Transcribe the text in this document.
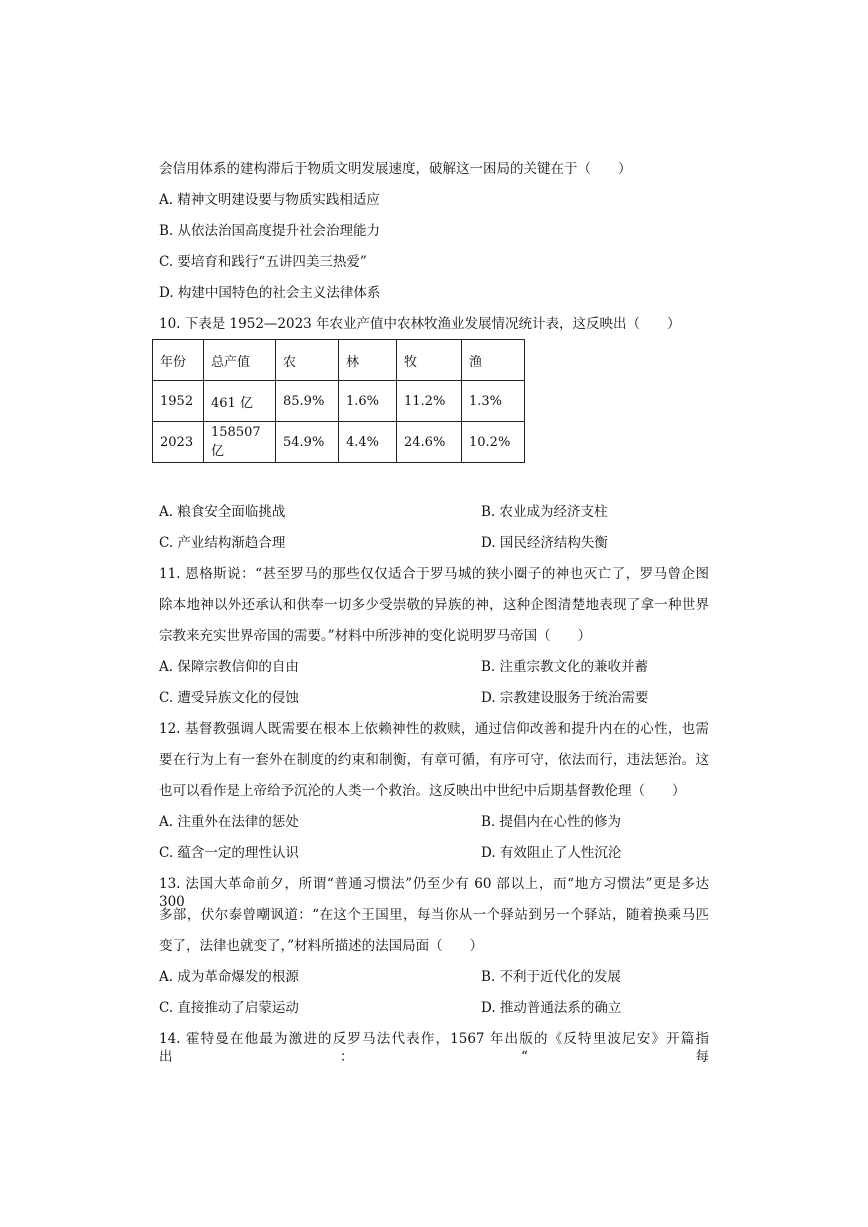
会信用体系的建构滞后于物质文明发展速度，破解这一困局的关键在于（　　）
A. 精神文明建设要与物质实践相适应
B. 从依法治国高度提升社会治理能力
C. 要培育和践行“五讲四美三热爱”
D. 构建中国特色的社会主义法律体系
10. 下表是 1952—2023 年农业产值中农林牧渔业发展情况统计表，这反映出（　　）
年份	总产值	农	林	牧	渔
1952	461 亿	85.9%	1.6%	11.2%	1.3%
2023	158507 亿	54.9%	4.4%	24.6%	10.2%
A. 粮食安全面临挑战	B. 农业成为经济支柱
C. 产业结构渐趋合理	D. 国民经济结构失衡
11. 恩格斯说：“甚至罗马的那些仅仅适合于罗马城的狭小圈子的神也灭亡了，罗马曾企图
除本地神以外还承认和供奉一切多少受崇敬的异族的神，这种企图清楚地表现了拿一种世界
宗教来充实世界帝国的需要。”材料中所涉神的变化说明罗马帝国（　　）
A. 保障宗教信仰的自由	B. 注重宗教文化的兼收并蓄
C. 遭受异族文化的侵蚀	D. 宗教建设服务于统治需要
12. 基督教强调人既需要在根本上依赖神性的救赎，通过信仰改善和提升内在的心性，也需
要在行为上有一套外在制度的约束和制衡，有章可循，有序可守，依法而行，违法惩治。这
也可以看作是上帝给予沉沦的人类一个救治。这反映出中世纪中后期基督教伦理（　　）
A. 注重外在法律的惩处	B. 提倡内在心性的修为
C. 蕴含一定的理性认识	D. 有效阻止了人性沉沦
13. 法国大革命前夕，所谓“普通习惯法”仍至少有 60 部以上，而“地方习惯法”更是多达 300
多部，伏尔泰曾嘲讽道：“在这个王国里，每当你从一个驿站到另一个驿站，随着换乘马匹
变了，法律也就变了，”材料所描述的法国局面（　　）
A. 成为革命爆发的根源	B. 不利于近代化的发展
C. 直接推动了启蒙运动	D. 推动普通法系的确立
14. 霍特曼在他最为激进的反罗马法代表作，1567 年出版的《反特里波尼安》开篇指出：“每
